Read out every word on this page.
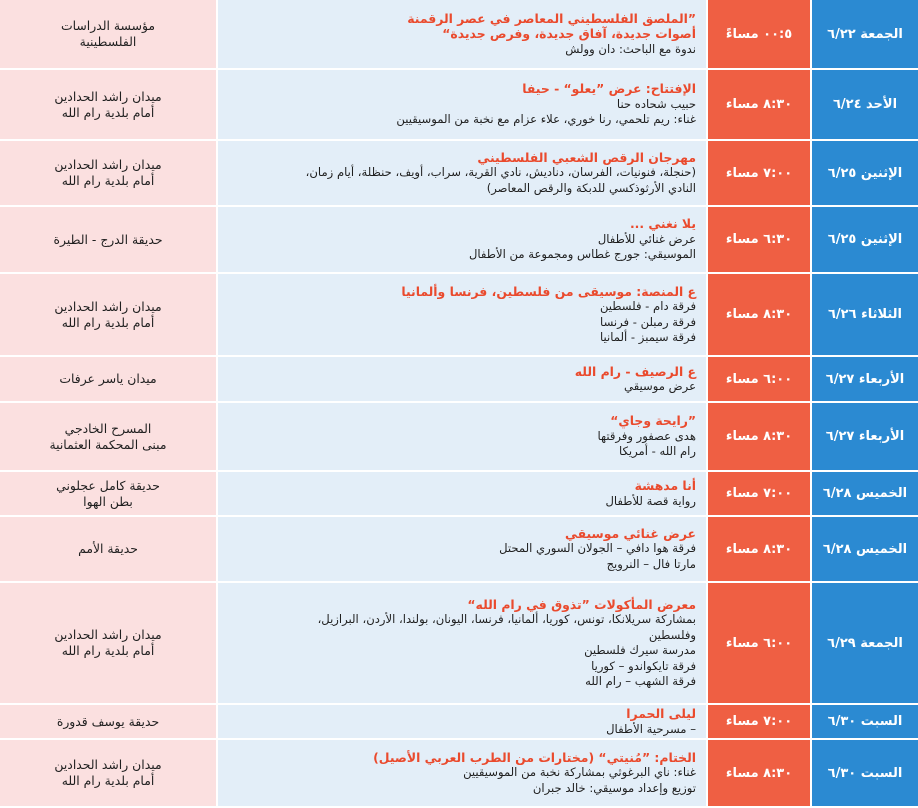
الجمعة ٦/٢٢
٠٠:٥ مساءً
”الملصق الفلسطيني المعاصر في عصر الرقمنة
أصوات جديدة، آفاق جديدة، وفرص جديدة“
ندوة مع الباحث: دان وولش
مؤسسة الدراسات
الفلسطينية
الأحد ٦/٢٤
٨:٣٠ مساء
الإفتتاح: عرض ”يعلو“ - حيفا
حبيب شحاده حنا
غناء: ريم تلحمي، رنا خوري، علاء عزام مع نخبة من الموسيقيين
ميدان راشد الحدادين
أمام بلدية رام الله
الإثنين ٦/٢٥
٧:٠٠ مساء
مهرجان الرقص الشعبي الفلسطيني
(حنجلة، فنونيات، الفرسان، دناديش، نادي القرية، سراب، أويف، حنظلة، أيام زمان،
النادي الأرثوذكسي للدبكة والرقص المعاصر)
ميدان راشد الحدادين
أمام بلدية رام الله
الإثنين ٦/٢٥
٦:٣٠ مساء
يلا نغني ...
عرض غنائي للأطفال
الموسيقي: جورج غطاس ومجموعة من الأطفال
حديقة الدرج - الطيرة
الثلاثاء ٦/٢٦
٨:٣٠ مساء
ع المنصة: موسيقى من فلسطين، فرنسا وألمانيا
فرقة دام - فلسطين
فرقة رمبلن - فرنسا
فرقة سيمبز - ألمانيا
ميدان راشد الحدادين
أمام بلدية رام الله
الأربعاء ٦/٢٧
٦:٠٠ مساء
ع الرصيف - رام الله
عرض موسيقي
ميدان ياسر عرفات
الأربعاء ٦/٢٧
٨:٣٠ مساء
”رايحة وجاي“
هدى عصفور وفرقتها
رام الله - أمريكا
المسرح الخادجي
مبنى المحكمة العثمانية
الخميس ٦/٢٨
٧:٠٠ مساء
أنا مدهشة
رواية قصة للأطفال
حديقة كامل عجلوني
بطن الهوا
الخميس ٦/٢٨
٨:٣٠ مساء
عرض غنائي موسيقي
فرقة هوا دافي – الجولان السوري المحتل
مارتا فال – النرويج
حديقة الأمم
الجمعة ٦/٢٩
٦:٠٠ مساء
معرض المأكولات ”تذوق في رام الله“
بمشاركة سريلانكا، تونس، كوريا، ألمانيا، فرنسا، اليونان، بولندا، الأردن، البرازيل،
وفلسطين
مدرسة سيرك فلسطين
فرقة تايكواندو – كوريا
فرقة الشهب – رام الله
ميدان راشد الحدادين
أمام بلدية رام الله
السبت ٦/٣٠
٧:٠٠ مساء
ليلى الحمرا
– مسرحية الأطفال
حديقة يوسف قدورة
السبت ٦/٣٠
٨:٣٠ مساء
الختام: ”مُنيتي“ (مختارات من الطرب العربي الأصيل)
غناء: ناي البرغوثي بمشاركة نخبة من الموسيقيين
توزيع وإعداد موسيقي: خالد جبران
ميدان راشد الحدادين
أمام بلدية رام الله
